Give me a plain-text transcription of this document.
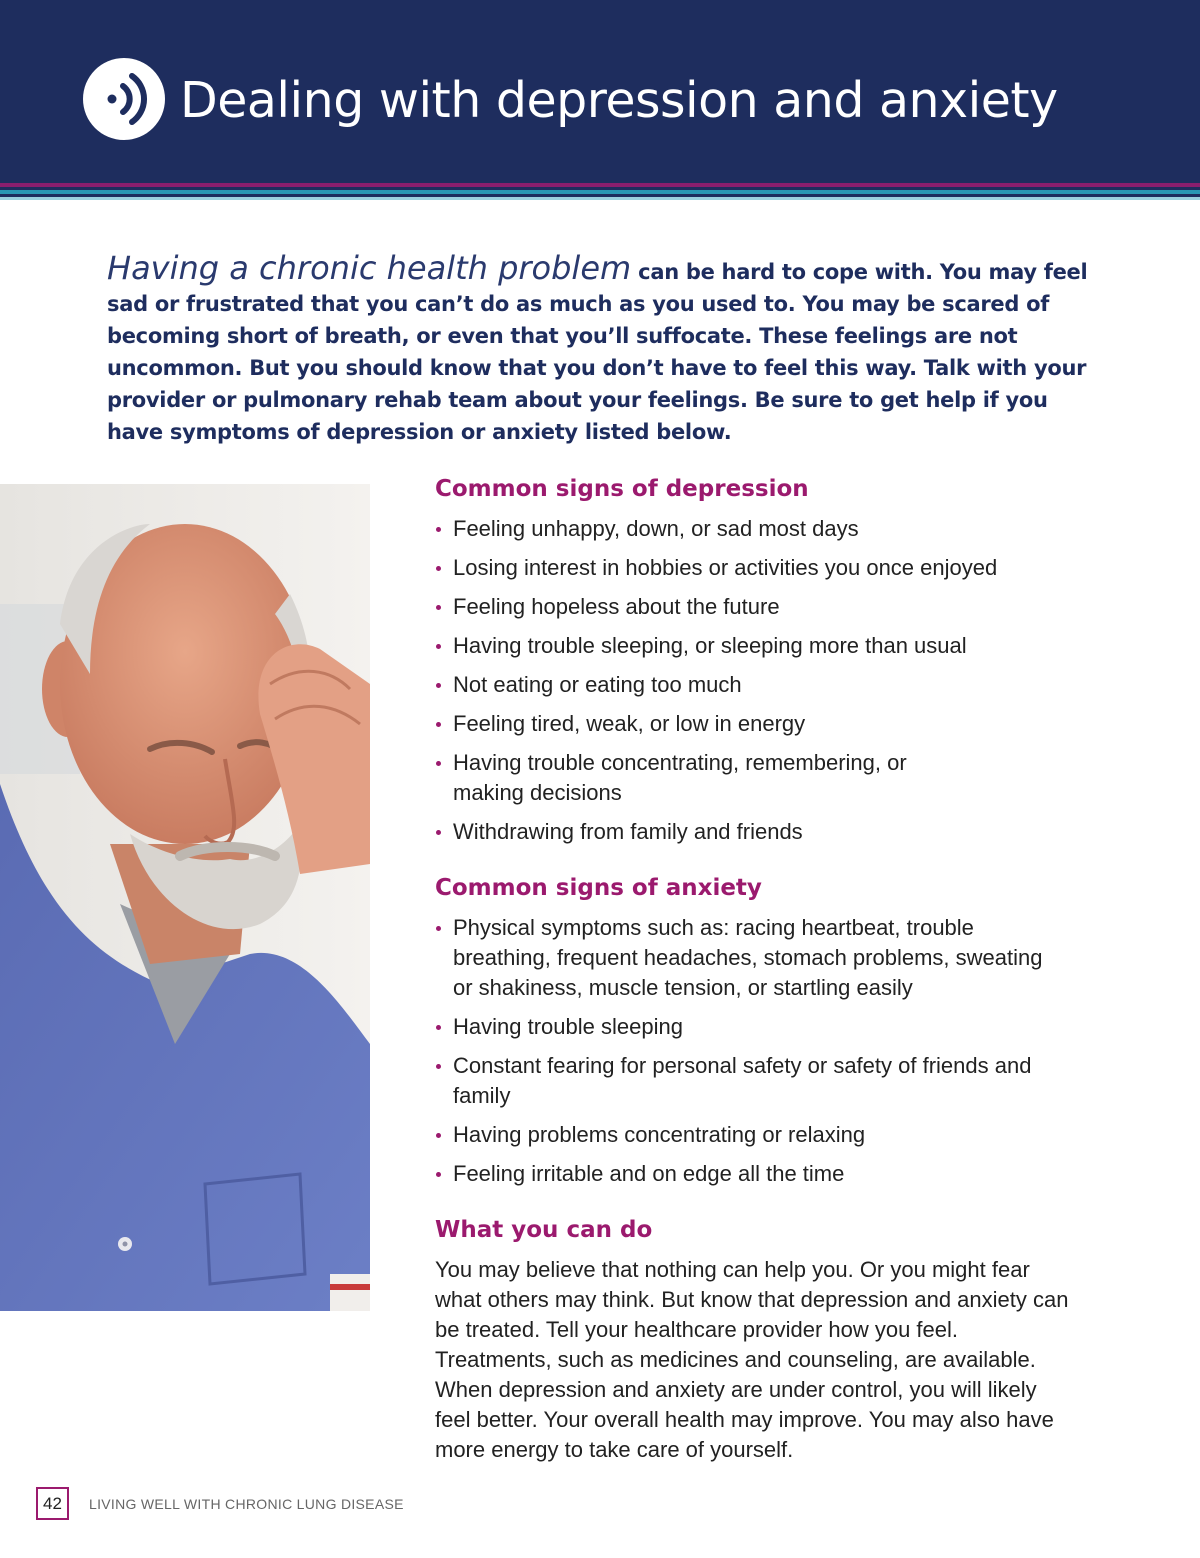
Dealing with depression and anxiety

Having a chronic health problem can be hard to cope with. You may feel sad or frustrated that you can’t do as much as you used to. You may be scared of becoming short of breath, or even that you’ll suffocate. These feelings are not uncommon. But you should know that you don’t have to feel this way. Talk with your provider or pulmonary rehab team about your feelings. Be sure to get help if you have symptoms of depression or anxiety listed below.

Common signs of depression
Feeling unhappy, down, or sad most days
Losing interest in hobbies or activities you once enjoyed
Feeling hopeless about the future
Having trouble sleeping, or sleeping more than usual
Not eating or eating too much
Feeling tired, weak, or low in energy
Having trouble concentrating, remembering, or making decisions
Withdrawing from family and friends
Common signs of anxiety
Physical symptoms such as: racing heartbeat, trouble breathing, frequent headaches, stomach problems, sweating or shakiness, muscle tension, or startling easily
Having trouble sleeping
Constant fearing for personal safety or safety of friends and family
Having problems concentrating or relaxing
Feeling irritable and on edge all the time
What you can do

You may believe that nothing can help you. Or you might fear what others may think. But know that depression and anxiety can be treated. Tell your healthcare provider how you feel. Treatments, such as medicines and counseling, are available. When depression and anxiety are under control, you will likely feel better. Your overall health may improve. You may also have more energy to take care of yourself.

42	LIVING WELL WITH CHRONIC LUNG DISEASE
